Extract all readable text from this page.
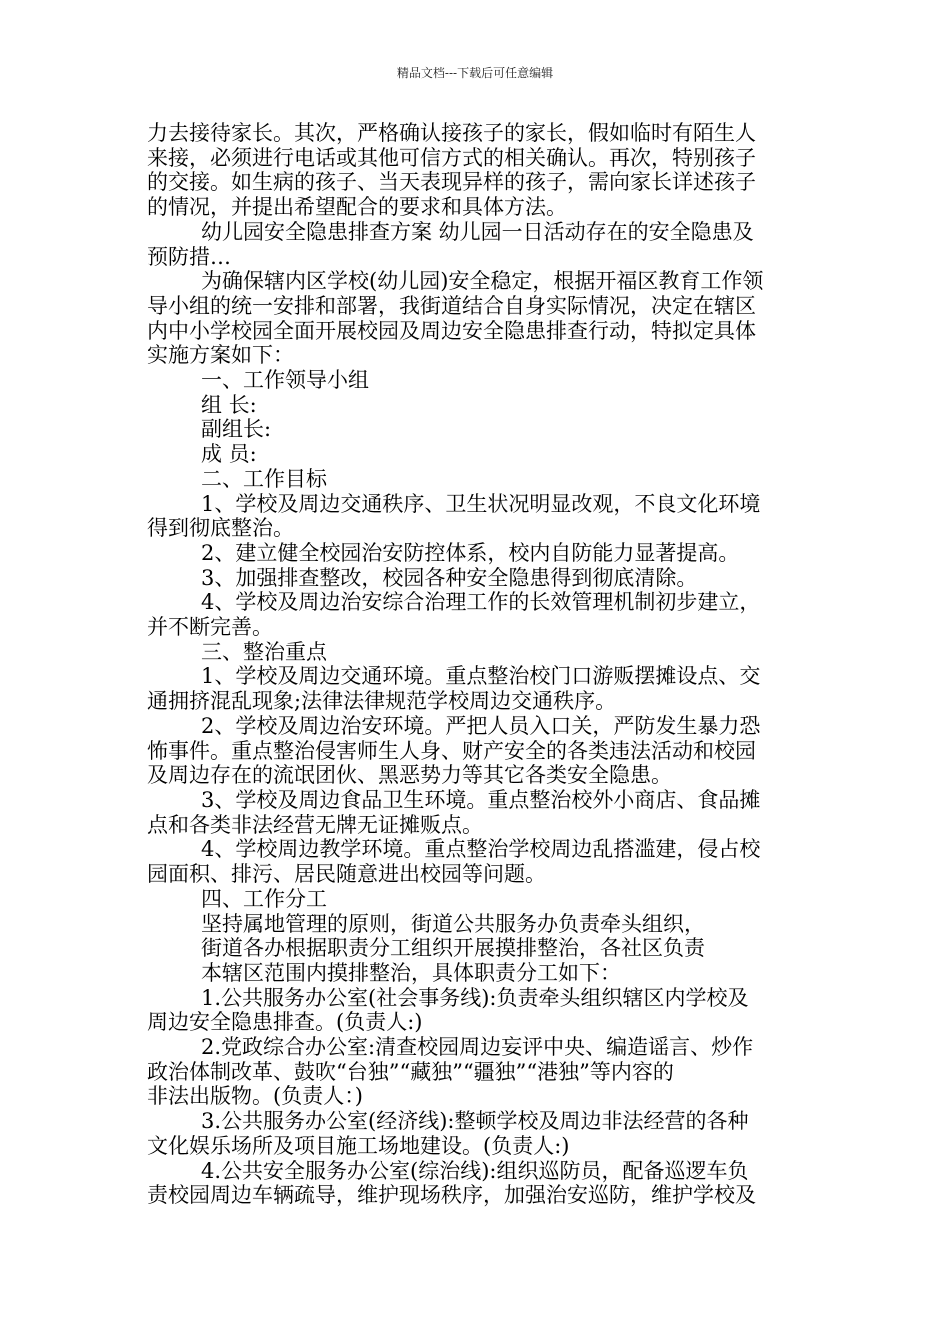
精品文档---下载后可任意编辑

力去接待家长。其次，严格确认接孩子的家长，假如临时有陌生人

来接，必须进行电话或其他可信方式的相关确认。再次，特别孩子

的交接。如生病的孩子、当天表现异样的孩子，需向家长详述孩子

的情况，并提出希望配合的要求和具体方法。

幼儿园安全隐患排查方案 幼儿园一日活动存在的安全隐患及

预防措…

为确保辖内区学校(幼儿园)安全稳定，根据开福区教育工作领

导小组的统一安排和部署，我街道结合自身实际情况，决定在辖区

内中小学校园全面开展校园及周边安全隐患排查行动，特拟定具体

实施方案如下：

一、工作领导小组

组 长:

副组长:

成 员:

二、工作目标

1、学校及周边交通秩序、卫生状况明显改观，不良文化环境

得到彻底整治。

2、建立健全校园治安防控体系，校内自防能力显著提高。

3、加强排查整改，校园各种安全隐患得到彻底清除。

4、学校及周边治安综合治理工作的长效管理机制初步建立，

并不断完善。

三、整治重点

1、学校及周边交通环境。重点整治校门口游贩摆摊设点、交

通拥挤混乱现象;法律法律规范学校周边交通秩序。

2、学校及周边治安环境。严把人员入口关，严防发生暴力恐

怖事件。重点整治侵害师生人身、财产安全的各类违法活动和校园

及周边存在的流氓团伙、黑恶势力等其它各类安全隐患。

3、学校及周边食品卫生环境。重点整治校外小商店、食品摊

点和各类非法经营无牌无证摊贩点。

4、学校周边教学环境。重点整治学校周边乱搭滥建，侵占校

园面积、排污、居民随意进出校园等问题。

四、工作分工

坚持属地管理的原则，街道公共服务办负责牵头组织，

街道各办根据职责分工组织开展摸排整治，各社区负责

本辖区范围内摸排整治，具体职责分工如下：

1.公共服务办公室(社会事务线):负责牵头组织辖区内学校及

周边安全隐患排查。(负责人:)

2.党政综合办公室:清查校园周边妄评中央、编造谣言、炒作

政治体制改革、鼓吹“台独”“藏独”“疆独”“港独”等内容的

非法出版物。(负责人：)

3.公共服务办公室(经济线):整顿学校及周边非法经营的各种

文化娱乐场所及项目施工场地建设。(负责人:)

4.公共安全服务办公室(综治线):组织巡防员，配备巡逻车负

责校园周边车辆疏导，维护现场秩序，加强治安巡防，维护学校及
